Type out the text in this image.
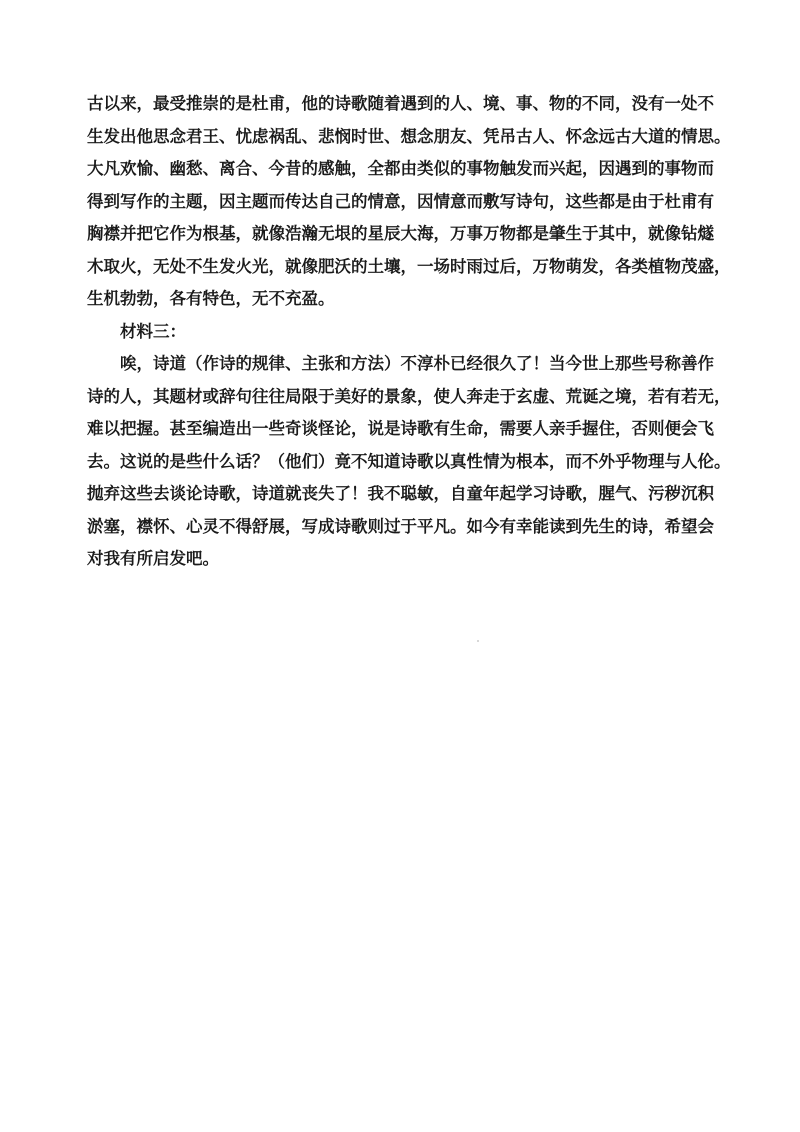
古以来，最受推崇的是杜甫，他的诗歌随着遇到的人、境、事、物的不同，没有一处不
生发出他思念君王、忧虑祸乱、悲悯时世、想念朋友、凭吊古人、怀念远古大道的情思。
大凡欢愉、幽愁、离合、今昔的感触，全都由类似的事物触发而兴起，因遇到的事物而
得到写作的主题，因主题而传达自己的情意，因情意而敷写诗句，这些都是由于杜甫有
胸襟并把它作为根基，就像浩瀚无垠的星辰大海，万事万物都是肇生于其中，就像钻燧
木取火，无处不生发火光，就像肥沃的土壤，一场时雨过后，万物萌发，各类植物茂盛，
生机勃勃，各有特色，无不充盈。
材料三：
唉，诗道（作诗的规律、主张和方法）不淳朴已经很久了！当今世上那些号称善作
诗的人，其题材或辞句往往局限于美好的景象，使人奔走于玄虚、荒诞之境，若有若无，
难以把握。甚至编造出一些奇谈怪论，说是诗歌有生命，需要人亲手握住，否则便会飞
去。这说的是些什么话？（他们）竟不知道诗歌以真性情为根本，而不外乎物理与人伦。
抛弃这些去谈论诗歌，诗道就丧失了！我不聪敏，自童年起学习诗歌，腥气、污秽沉积
淤塞，襟怀、心灵不得舒展，写成诗歌则过于平凡。如今有幸能读到先生的诗，希望会
对我有所启发吧。
